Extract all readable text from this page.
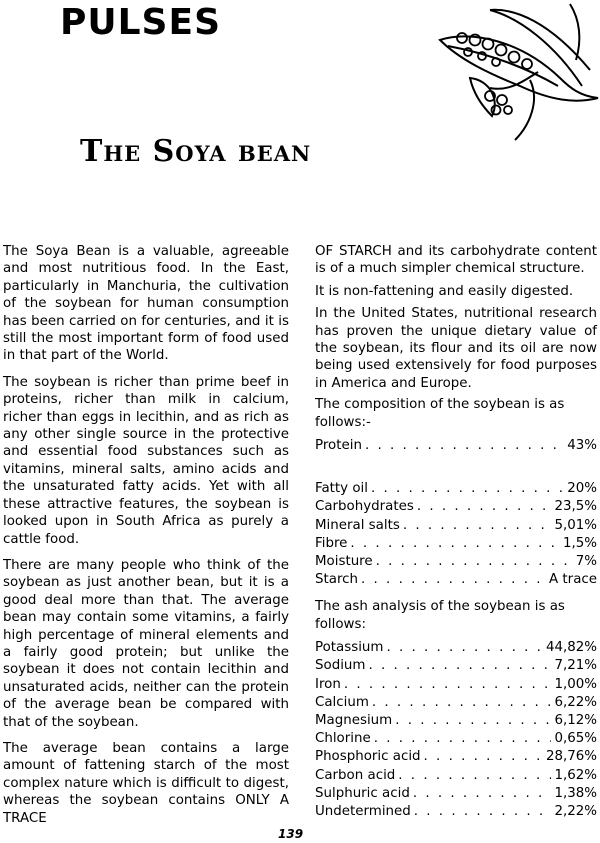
PULSES
The Soya bean

The Soya Bean is a valuable, agreeable and most nutritious food. In the East, particularly in Manchuria, the cultivation of the soybean for human consumption has been carried on for centuries, and it is still the most important form of food used in that part of the World.

The soybean is richer than prime beef in proteins, richer than milk in calcium, richer than eggs in lecithin, and as rich as any other single source in the protective and essential food substances such as vitamins, mineral salts, amino acids and the unsaturated fatty acids. Yet with all these attractive features, the soybean is looked upon in South Africa as purely a cattle food.

There are many people who think of the soybean as just another bean, but it is a good deal more than that. The average bean may contain some vitamins, a fairly high percentage of mineral elements and a fairly good protein; but unlike the soybean it does not contain lecithin and unsaturated acids, neither can the protein of the average bean be compared with that of the soybean.

The average bean contains a large amount of fattening starch of the most complex nature which is difficult to digest, whereas the soybean contains ONLY A TRACE

OF STARCH and its carbohydrate content is of a much simpler chemical structure.

It is non-fattening and easily digested.

In the United States, nutritional research has proven the unique dietary value of the soybean, its flour and its oil are now being used extensively for food purposes in America and Europe.

The composition of the soybean is as follows:-
Protein . . .	43%
Fatty oil . . .	20%
Carbohydrates . . .	23,5%
Mineral salts . . .	5,01%
Fibre . . .	1,5%
Moisture . . .	7%
Starch . . .	A trace
The ash analysis of the soybean is as follows:
Potassium . . .	44,82%
Sodium . . .	7,21%
Iron . . .	1,00%
Calcium . . .	6,22%
Magnesium . . .	6,12%
Chlorine . . .	0,65%
Phosphoric acid . . .	28,76%
Carbon acid . . .	1,62%
Sulphuric acid . . .	1,38%
Undetermined . . .	2,22%
139
